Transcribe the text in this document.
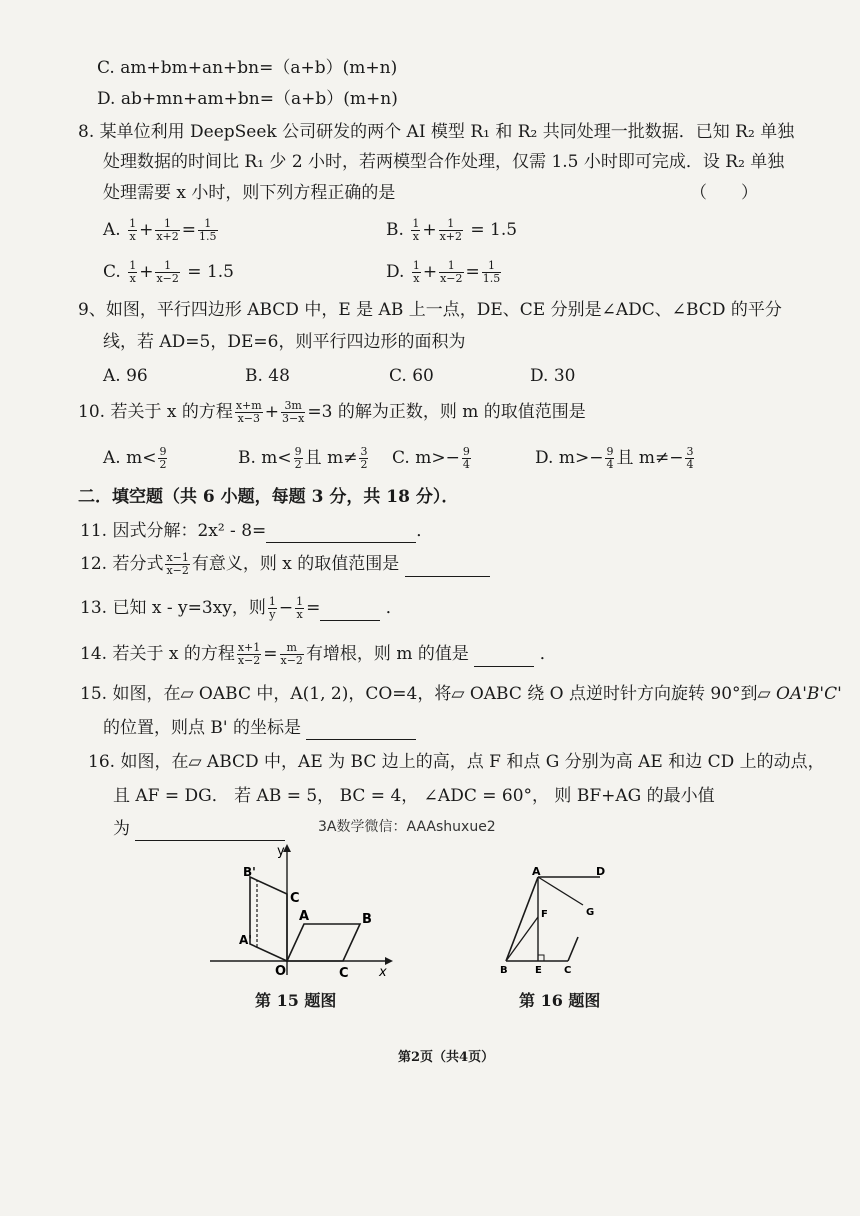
C. am+bm+an+bn=（a+b）(m+n)
D. ab+mn+am+bn=（a+b）(m+n)
8. 某单位利用 DeepSeek 公司研发的两个 AI 模型 R₁ 和 R₂ 共同处理一批数据．已知 R₂ 单独
处理数据的时间比 R₁ 少 2 小时，若两模型合作处理，仅需 1.5 小时即可完成．设 R₂ 单独
处理需要 x 小时，则下列方程正确的是	（　　）
A. $\frac{1}{x} + \frac{1}{x+2} = \frac{1}{1.5}$	B. $\frac{1}{x} + \frac{1}{x+2} = 1.5$
C. $\frac{1}{x} + \frac{1}{x-2} = 1.5$	D. $\frac{1}{x} + \frac{1}{x-2} = \frac{1}{1.5}$
9、如图，平行四边形 ABCD 中，E 是 AB 上一点，DE、CE 分别是∠ADC、∠BCD 的平分
线，若 AD=5，DE=6，则平行四边形的面积为
A. 96	B. 48	C. 60	D. 30
10. 若关于 x 的方程 $\frac{x+m}{x-3} + \frac{3m}{3-x} =3$ 的解为正数，则 m 的取值范围是
A. $m< \frac{9}{2}$	B. $m< \frac{9}{2}$ 且 $m\ne \frac{3}{2} C$. $m>- \frac{9}{4}$	D. $m>- \frac{9}{4}$ 且 $m\ne- \frac{3}{4}$
二．填空题（共 6 小题，每题 3 分，共 18 分）．
11. 因式分解：2x² - 8=	．
12. 若分式 $\frac{x-1}{x-2}$ 有意义，则 x 的取值范围是
13. 已知 x - y=3xy，则 $\frac{1}{y} - \frac{1}{x}$ =	．
14. 若关于 x 的方程 $\frac{x+1}{x-2} = \frac{m}{x-2}$ 有增根，则 m 的值是	．
15. 如图，在▱ OABC 中，A(1, 2)，CO=4，将▱ OABC 绕 O 点逆时针方向旋转 90°到▱ OA'B'C'
的位置，则点 B' 的坐标是
16. 如图，在▱ ABCD 中，AE 为 BC 边上的高，点 F 和点 G 分别为高 AE 和边 CD 上的动点，
且 AF = DG． 若 AB = 5， BC = 4， ∠ADC = 60°， 则 BF+AG 的最小值
为	3A数学微信：AAAshuxue2
y
x
O
A	B
C
C
A'
B'
第 15 题图
A	D
G
F
B	E C
第 16 题图
第2页（共4页）
